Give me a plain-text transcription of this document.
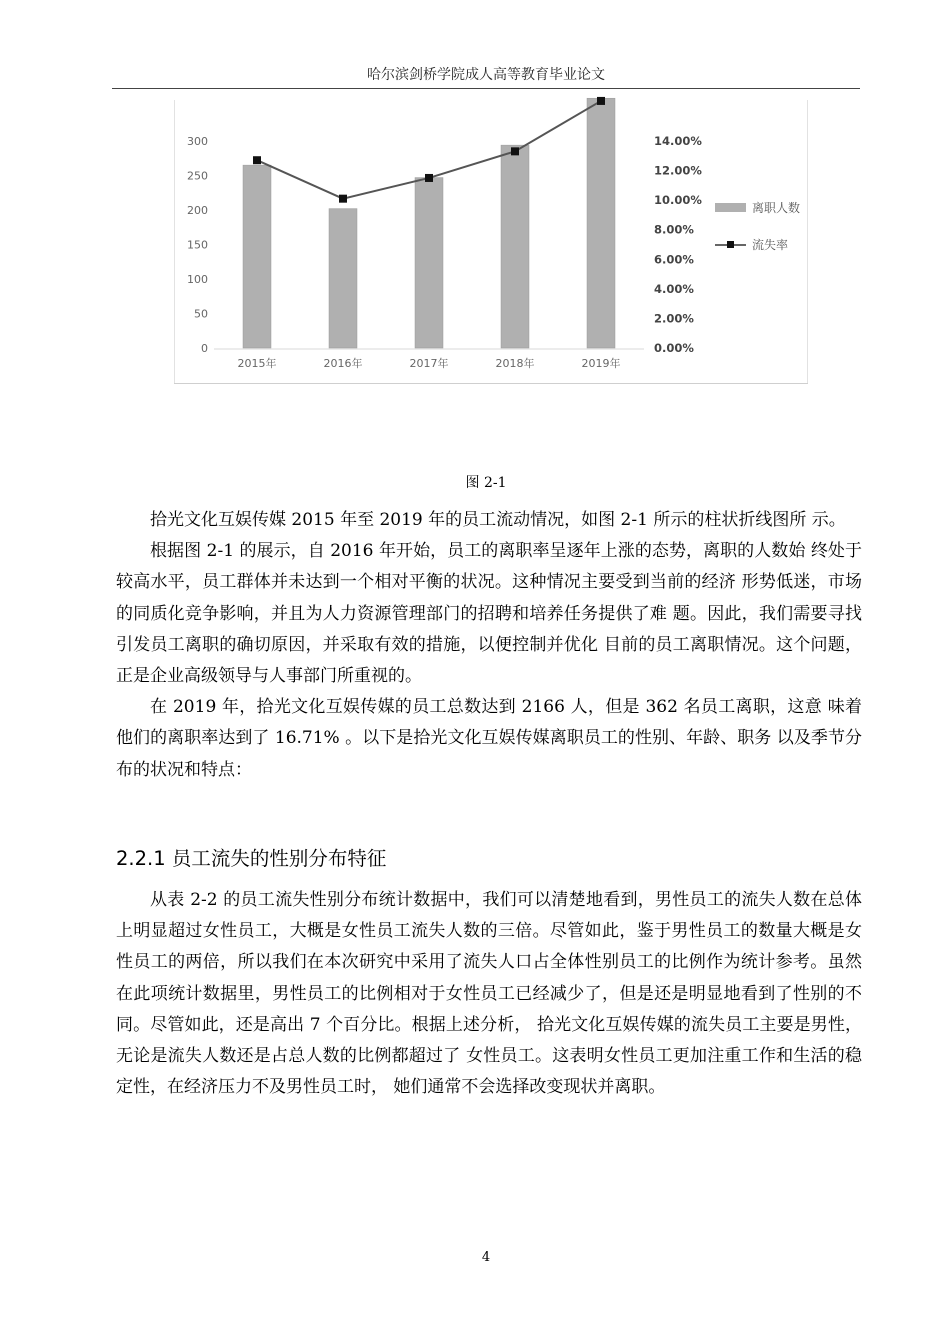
哈尔滨剑桥学院成人高等教育毕业论文
300
250
200
150
100
50
0
14.00%
12.00%
10.00%
8.00%
6.00%
4.00%
2.00%
0.00%
2015年	2016年	2017年	2018年	2019年
离职人数
流失率
图 2-1

拾光文化互娱传媒 2015 年至 2019 年的员工流动情况，如图 2-1 所示的柱状折线图所 示。

根据图 2-1 的展示，自 2016 年开始，员工的离职率呈逐年上涨的态势，离职的人数始 终处于较高水平，员工群体并未达到一个相对平衡的状况。这种情况主要受到当前的经济 形势低迷，市场的同质化竞争影响，并且为人力资源管理部门的招聘和培养任务提供了难 题。因此，我们需要寻找引发员工离职的确切原因，并采取有效的措施，以便控制并优化 目前的员工离职情况。这个问题，正是企业高级领导与人事部门所重视的。

在 2019 年，拾光文化互娱传媒的员工总数达到 2166 人，但是 362 名员工离职，这意 味着他们的离职率达到了 16.71% 。以下是拾光文化互娱传媒离职员工的性别、年龄、职务 以及季节分布的状况和特点：

2.2.1 员工流失的性别分布特征

从表 2-2 的员工流失性别分布统计数据中，我们可以清楚地看到，男性员工的流失人数在总体上明显超过女性员工，大概是女性员工流失人数的三倍。尽管如此，鉴于男性员工的数量大概是女性员工的两倍，所以我们在本次研究中采用了流失人口占全体性别员工的比例作为统计参考。虽然在此项统计数据里，男性员工的比例相对于女性员工已经减少了，但是还是明显地看到了性别的不同。尽管如此，还是高出 7 个百分比。根据上述分析， 拾光文化互娱传媒的流失员工主要是男性，无论是流失人数还是占总人数的比例都超过了 女性员工。这表明女性员工更加注重工作和生活的稳定性，在经济压力不及男性员工时， 她们通常不会选择改变现状并离职。

4
